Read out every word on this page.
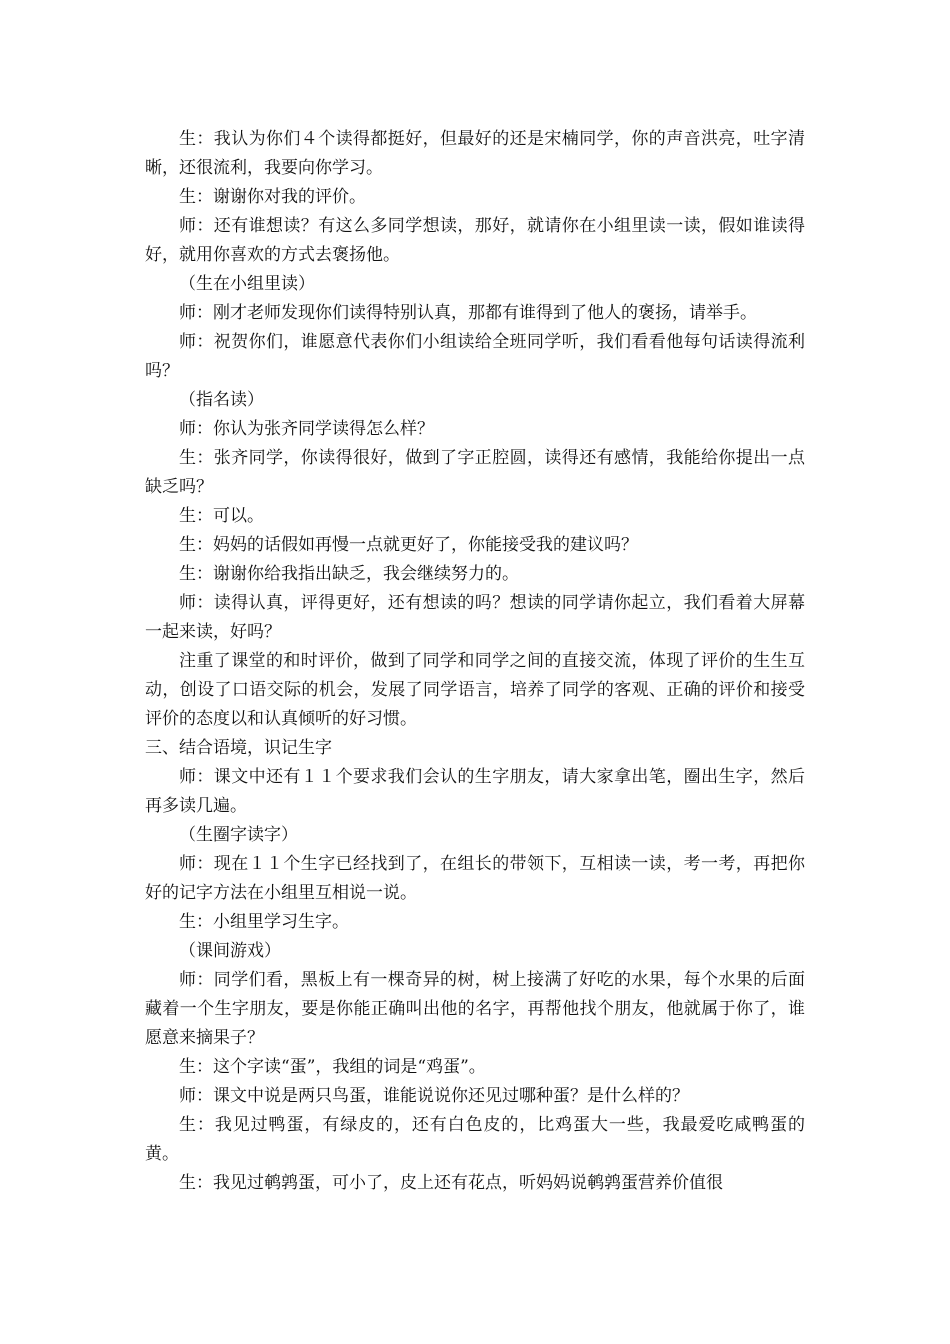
生：我认为你们４个读得都挺好，但最好的还是宋楠同学，你的声音洪亮，吐字清晰，还很流利，我要向你学习。

生：谢谢你对我的评价。

师：还有谁想读？有这么多同学想读，那好，就请你在小组里读一读，假如谁读得好，就用你喜欢的方式去褒扬他。

（生在小组里读）

师：刚才老师发现你们读得特别认真，那都有谁得到了他人的褒扬，请举手。

师：祝贺你们，谁愿意代表你们小组读给全班同学听，我们看看他每句话读得流利吗？

（指名读）

师：你认为张齐同学读得怎么样？

生：张齐同学，你读得很好，做到了字正腔圆，读得还有感情，我能给你提出一点缺乏吗？

生：可以。

生：妈妈的话假如再慢一点就更好了，你能接受我的建议吗？

生：谢谢你给我指出缺乏，我会继续努力的。

师：读得认真，评得更好，还有想读的吗？想读的同学请你起立，我们看着大屏幕一起来读，好吗？

注重了课堂的和时评价，做到了同学和同学之间的直接交流，体现了评价的生生互动，创设了口语交际的机会，发展了同学语言，培养了同学的客观、正确的评价和接受评价的态度以和认真倾听的好习惯。

三、结合语境，识记生字

师：课文中还有１１个要求我们会认的生字朋友，请大家拿出笔，圈出生字，然后再多读几遍。

（生圈字读字）

师：现在１１个生字已经找到了，在组长的带领下，互相读一读，考一考，再把你好的记字方法在小组里互相说一说。

生：小组里学习生字。

（课间游戏）

师：同学们看，黑板上有一棵奇异的树，树上接满了好吃的水果，每个水果的后面藏着一个生字朋友，要是你能正确叫出他的名字，再帮他找个朋友，他就属于你了，谁愿意来摘果子？

生：这个字读“蛋”，我组的词是“鸡蛋”。

师：课文中说是两只鸟蛋，谁能说说你还见过哪种蛋？是什么样的？

生：我见过鸭蛋，有绿皮的，还有白色皮的，比鸡蛋大一些，我最爱吃咸鸭蛋的黄。

生：我见过鹌鹑蛋，可小了，皮上还有花点，听妈妈说鹌鹑蛋营养价值很
